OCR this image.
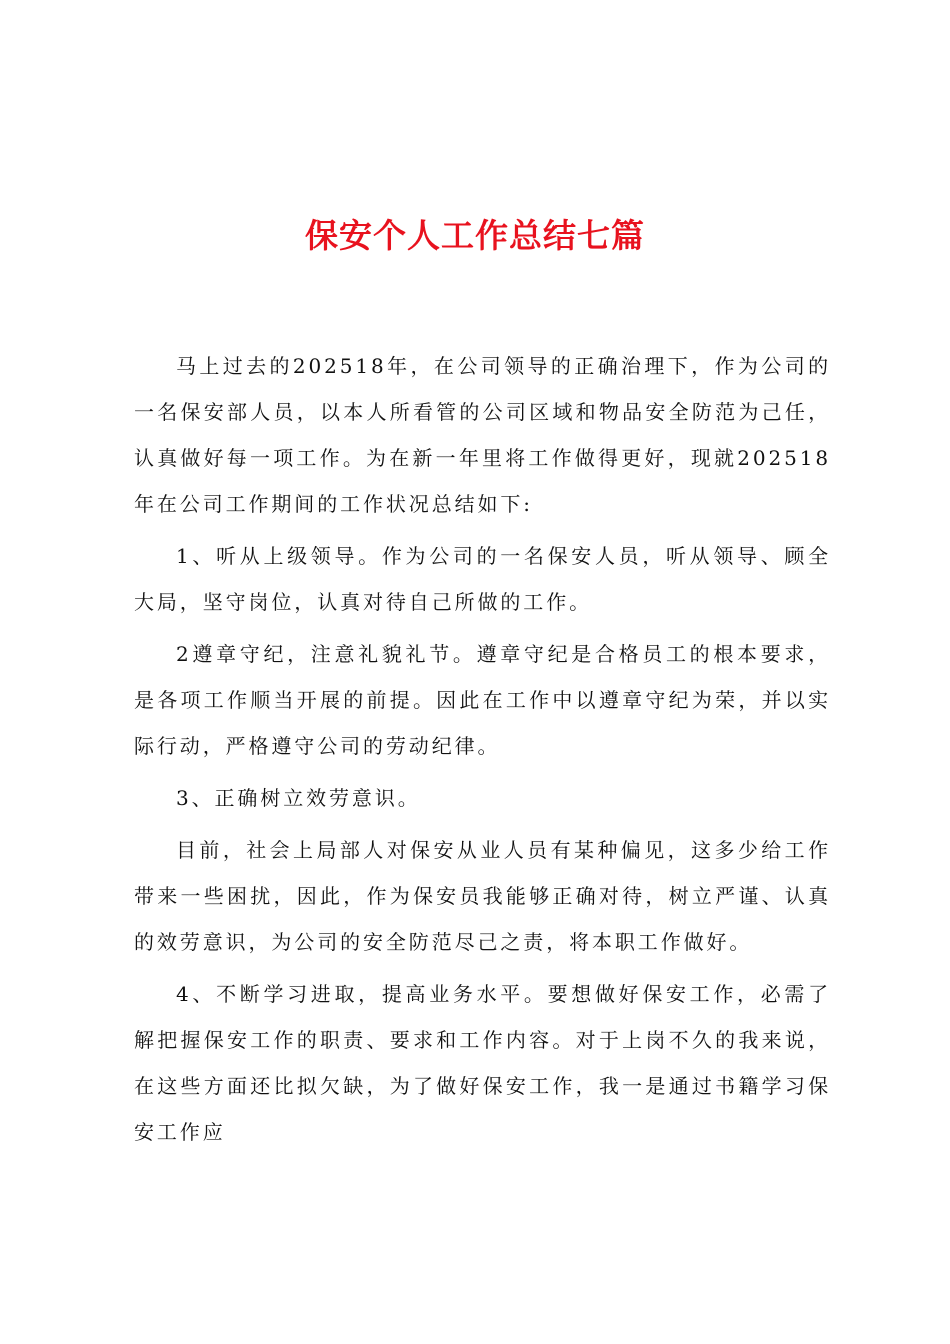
保安个人工作总结七篇

马上过去的202518年，在公司领导的正确治理下，作为公司的一名保安部人员，以本人所看管的公司区域和物品安全防范为己任，认真做好每一项工作。为在新一年里将工作做得更好，现就202518年在公司工作期间的工作状况总结如下:

1、听从上级领导。作为公司的一名保安人员，听从领导、顾全大局，坚守岗位，认真对待自己所做的工作。

2遵章守纪，注意礼貌礼节。遵章守纪是合格员工的根本要求，是各项工作顺当开展的前提。因此在工作中以遵章守纪为荣，并以实际行动，严格遵守公司的劳动纪律。

3、正确树立效劳意识。

目前，社会上局部人对保安从业人员有某种偏见，这多少给工作带来一些困扰，因此，作为保安员我能够正确对待，树立严谨、认真的效劳意识，为公司的安全防范尽己之责，将本职工作做好。

4、不断学习进取，提高业务水平。要想做好保安工作，必需了解把握保安工作的职责、要求和工作内容。对于上岗不久的我来说，在这些方面还比拟欠缺，为了做好保安工作，我一是通过书籍学习保安工作应
